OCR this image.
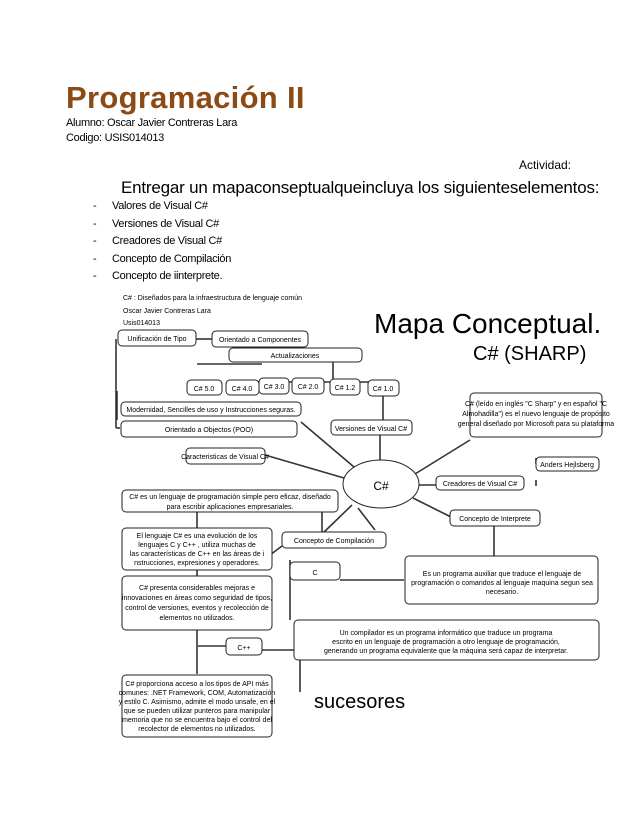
Programación II
Alumno: Oscar Javier Contreras Lara
Codigo: USIS014013
Actividad:
Entregar un mapaconseptualqueincluya los siguienteselementos:
- Valores de Visual C#
- Versiones de Visual C#
- Creadores de Visual C#
- Concepto de Compilación
- Concepto de iinterprete.
C# : Diseñados para la infraestructura de lenguaje común
Oscar Javier Contreras Lara
Usis014013	Mapa Conceptual.
C# (SHARP)
Unificación de Tipo	Orientado a Componentes
Actualizaciones
C# 5.0 C# 4.0 C# 3.0 C# 2.0 C# 1.2 C# 1.0
Modernidad, Sencilles de uso y Instrucciones seguras.
Orientado a Objectos (POO)	Versiones de Visual C#
C# (leído en inglés "C Sharp" y en español "C
Almohadilla") es el nuevo lenguaje de propósito
general diseñado por Microsoft para su plataforma
Caracteristicas de Visual C#
Anders Hejlsberg
Creadores de Visual C#
C# es un lenguaje de programación simple pero eficaz, diseñado
para escribir aplicaciones empresariales.
Concepto de Interprete
El lenguaje C# es una evolución de los
lenguajes C y C++ , utiliza muchas de
las características de C++ en las áreas de i
nstrucciones, expresiones y operadores.
Concepto de Compilación
C	Es un programa auxiliar que traduce el lenguaje de
programación o comandos al lenguaje maquina segun sea
necesario.
C# presenta considerables mejoras e
innovaciones en áreas como seguridad de tipos,
control de versiones, eventos y recolección de
elementos no utilizados.
C++
Un compilador es un programa informático que traduce un programa
escrito en un lenguaje de programación a otro lenguaje de programación,
generando un programa equivalente que la máquina será capaz de interpretar.
C# proporciona acceso a los tipos de API más
comunes: .NET Framework, COM, Automatización
y estilo C. Asimismo, admite el modo unsafe, en el
que se pueden utilizar punteros para manipular
memoria que no se encuentra bajo el control del
recolector de elementos no utilizados.
C#
sucesores
